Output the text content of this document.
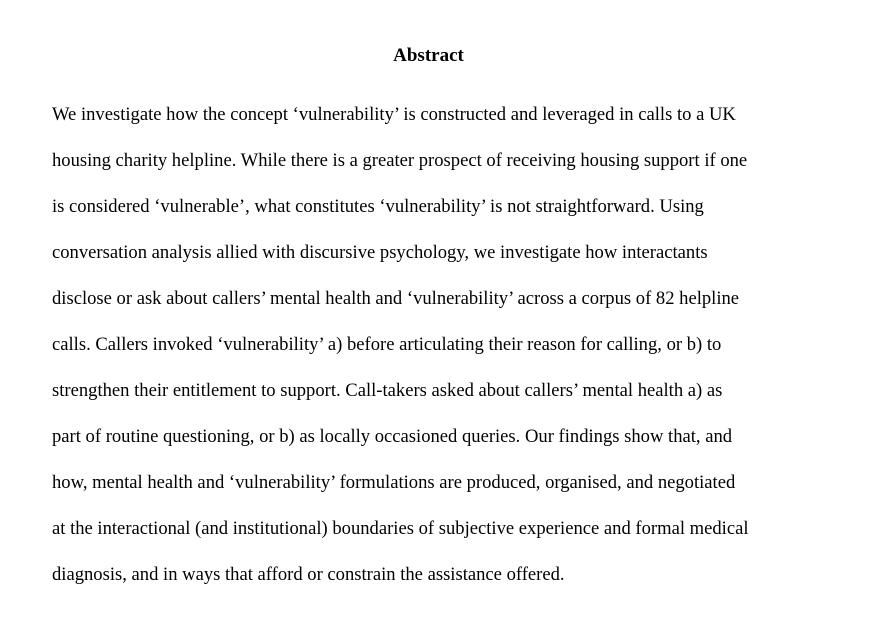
Abstract
We investigate how the concept ‘vulnerability’ is constructed and leveraged in calls to a UK
housing charity helpline. While there is a greater prospect of receiving housing support if one
is considered ‘vulnerable’, what constitutes ‘vulnerability’ is not straightforward. Using
conversation analysis allied with discursive psychology, we investigate how interactants
disclose or ask about callers’ mental health and ‘vulnerability’ across a corpus of 82 helpline
calls. Callers invoked ‘vulnerability’ a) before articulating their reason for calling, or b) to
strengthen their entitlement to support. Call-takers asked about callers’ mental health a) as
part of routine questioning, or b) as locally occasioned queries. Our findings show that, and
how, mental health and ‘vulnerability’ formulations are produced, organised, and negotiated
at the interactional (and institutional) boundaries of subjective experience and formal medical
diagnosis, and in ways that afford or constrain the assistance offered.
